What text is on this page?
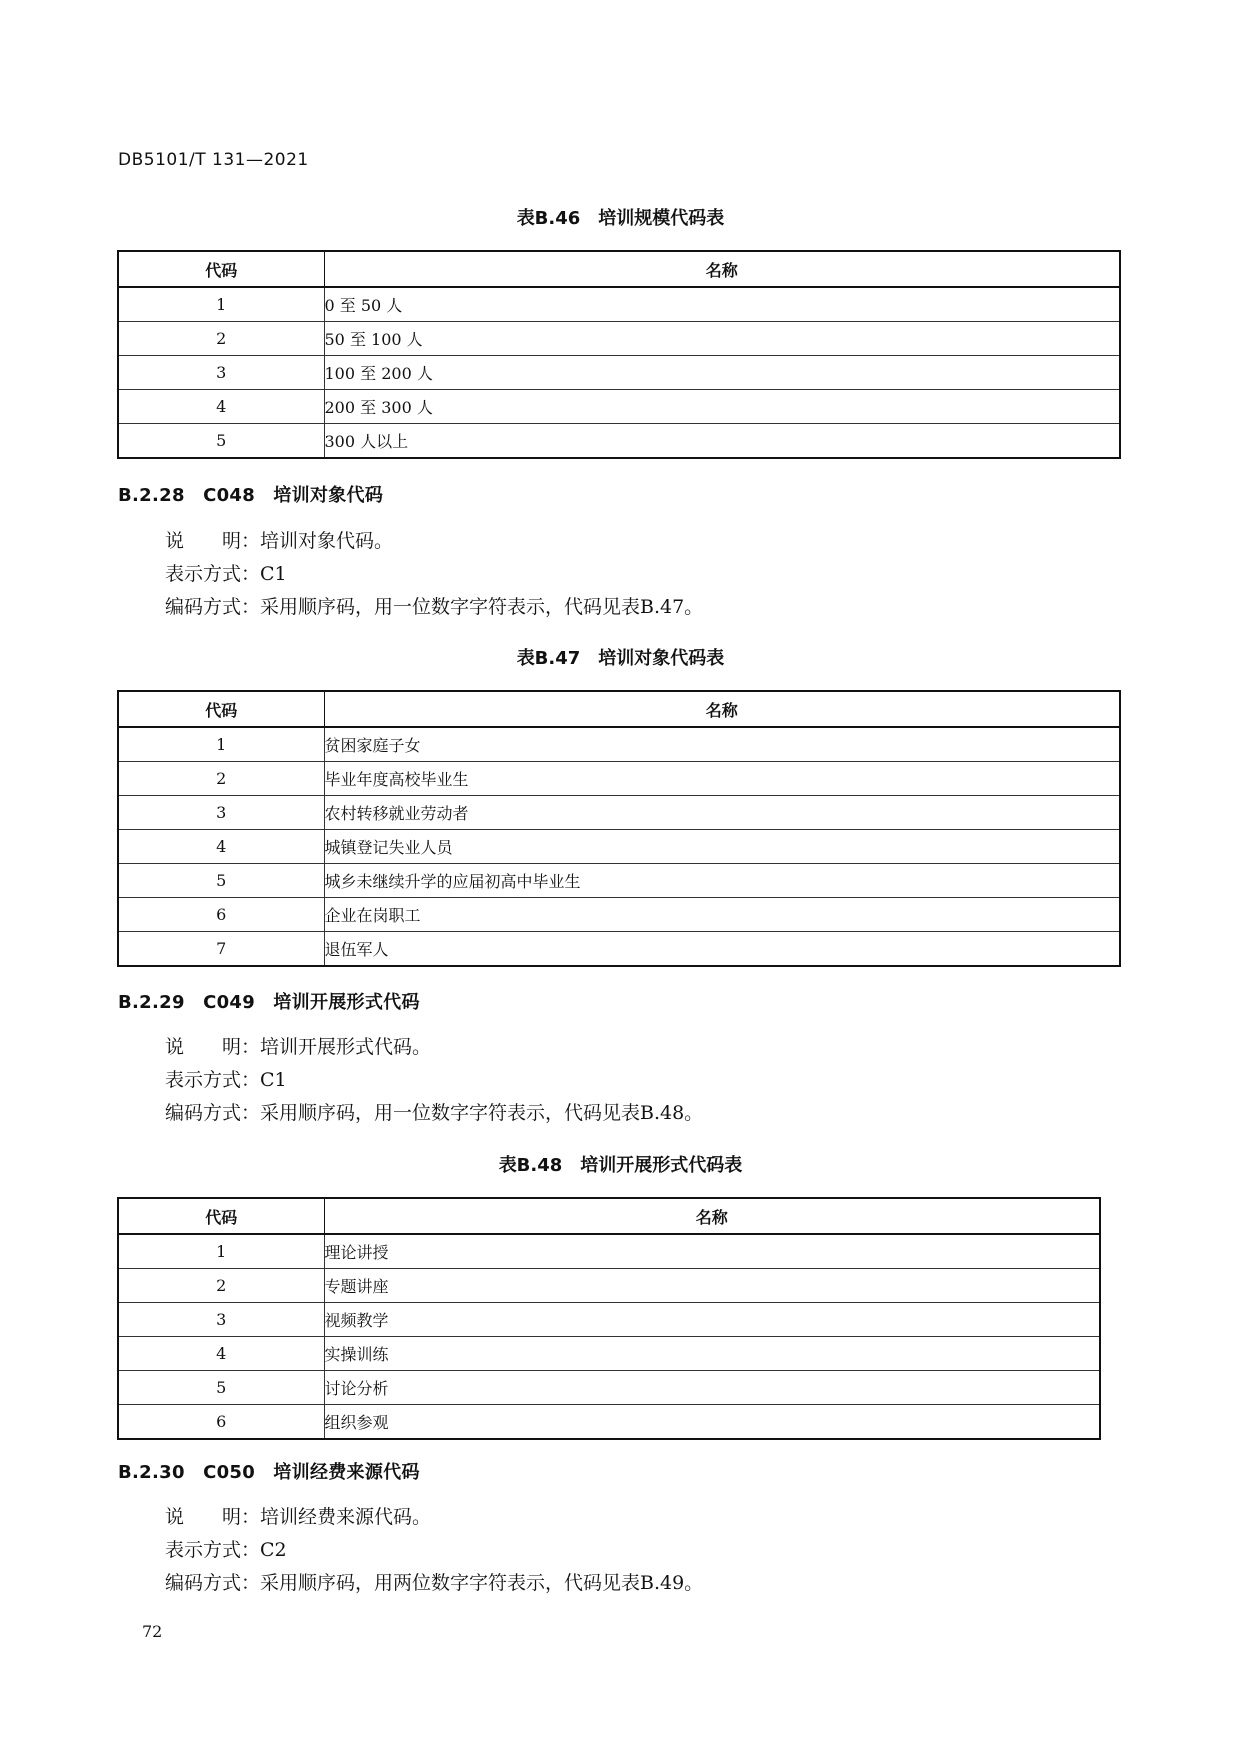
DB5101/T 131—2021
表B.46　培训规模代码表
代码	名称
1	0 至 50 人
2	50 至 100 人
3	100 至 200 人
4	200 至 300 人
5	300 人以上
B.2.28　C048　培训对象代码
说　　明：培训对象代码。
表示方式：C1
编码方式：采用顺序码，用一位数字字符表示，代码见表B.47。
表B.47　培训对象代码表
代码	名称
1	贫困家庭子女
2	毕业年度高校毕业生
3	农村转移就业劳动者
4	城镇登记失业人员
5	城乡未继续升学的应届初高中毕业生
6	企业在岗职工
7	退伍军人
B.2.29　C049　培训开展形式代码
说　　明：培训开展形式代码。
表示方式：C1
编码方式：采用顺序码，用一位数字字符表示，代码见表B.48。
表B.48　培训开展形式代码表
代码	名称
1	理论讲授
2	专题讲座
3	视频教学
4	实操训练
5	讨论分析
6	组织参观
B.2.30　C050　培训经费来源代码
说　　明：培训经费来源代码。
表示方式：C2
编码方式：采用顺序码，用两位数字字符表示，代码见表B.49。
72
